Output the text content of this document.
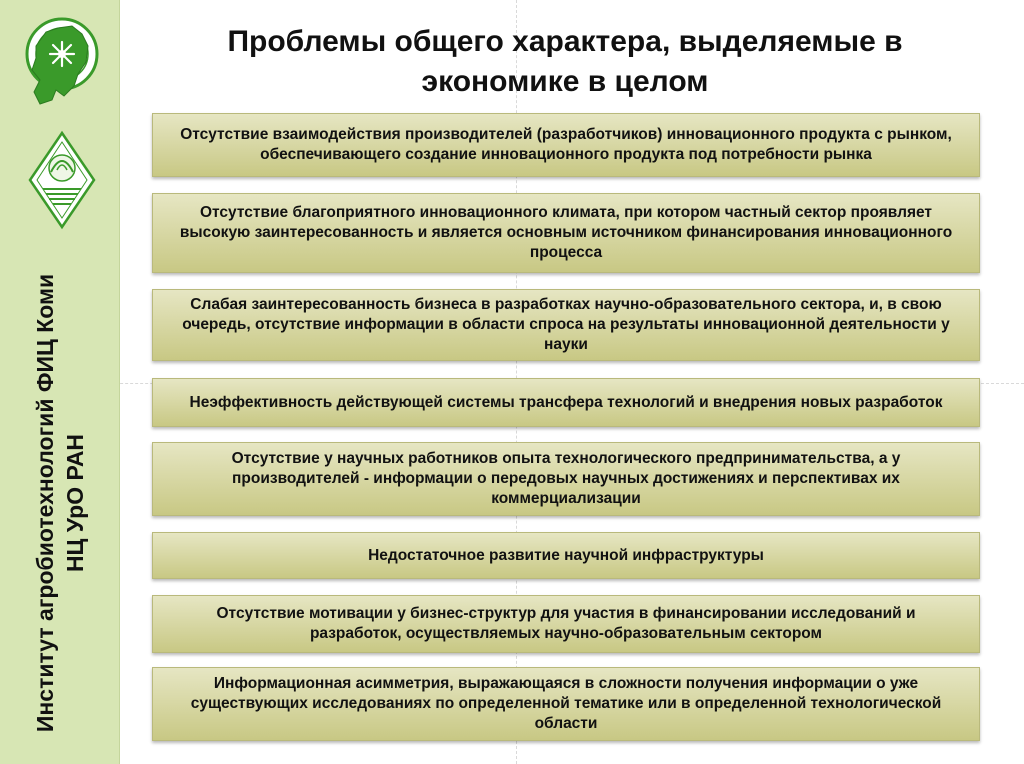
Институт агробиотехнологий ФИЦ Коми НЦ УрО РАН
Проблемы общего характера, выделяемые в экономике в целом
Отсутствие взаимодействия производителей (разработчиков) инновационного продукта с рынком, обеспечивающего создание инновационного продукта под потребности рынка
Отсутствие благоприятного инновационного климата, при котором частный сектор проявляет высокую заинтересованность и является основным источником финансирования инновационного процесса
Слабая заинтересованность бизнеса в разработках научно-образовательного сектора, и, в свою очередь, отсутствие информации в области спроса на результаты инновационной деятельности у науки
Неэффективность действующей системы трансфера технологий и внедрения новых разработок
Отсутствие у научных работников опыта технологического предпринимательства, а у производителей - информации о передовых научных достижениях и перспективах их коммерциализации
Недостаточное развитие научной инфраструктуры
Отсутствие мотивации у бизнес-структур для участия в финансировании исследований и разработок, осуществляемых научно-образовательным сектором
Информационная асимметрия, выражающаяся в сложности получения информации о уже существующих исследованиях по определенной тематике или в определенной технологической области
